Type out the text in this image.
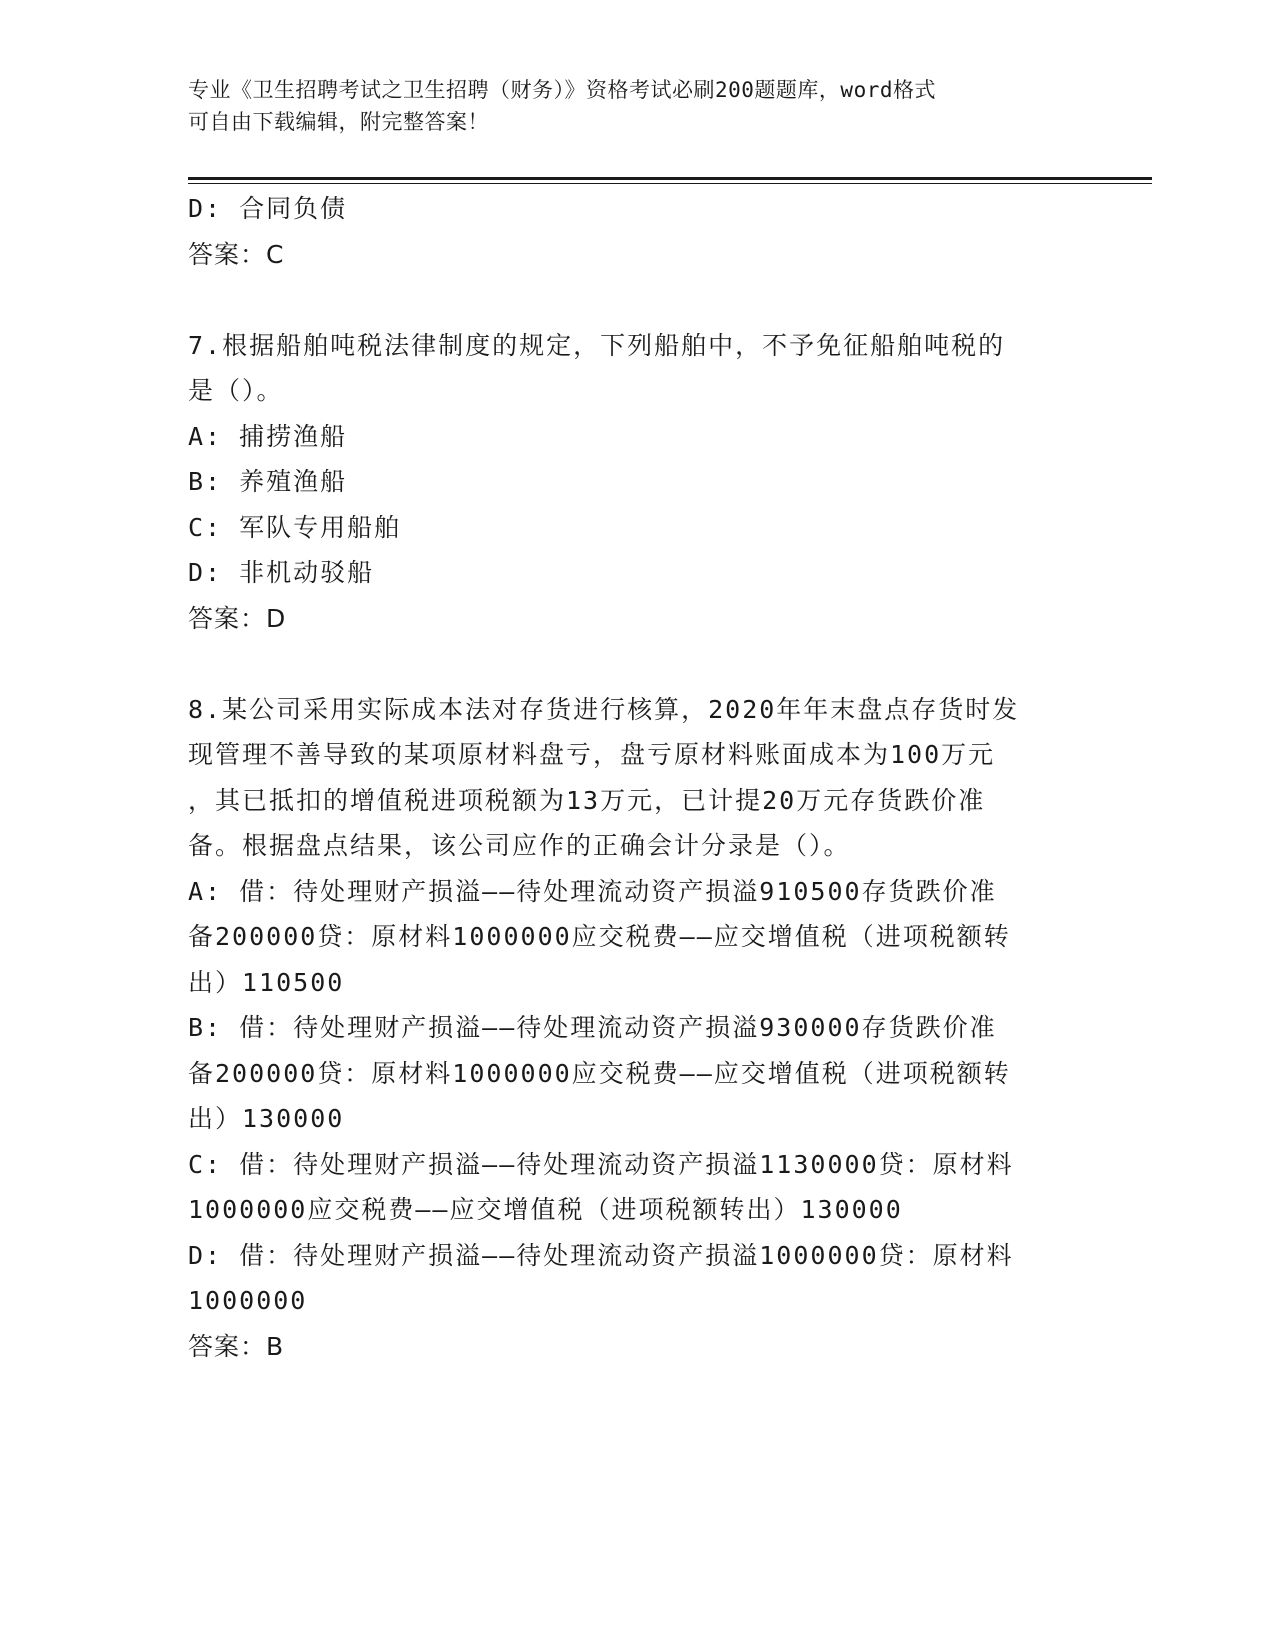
专业《卫生招聘考试之卫生招聘（财务）》资格考试必刷200题题库，word格式
可自由下载编辑，附完整答案！
D: 合同负债
答案：C
7.根据船舶吨税法律制度的规定，下列船舶中，不予免征船舶吨税的
是（）。
A: 捕捞渔船
B: 养殖渔船
C: 军队专用船舶
D: 非机动驳船
答案：D
8.某公司采用实际成本法对存货进行核算，2020年年末盘点存货时发
现管理不善导致的某项原材料盘亏，盘亏原材料账面成本为100万元
，其已抵扣的增值税进项税额为13万元，已计提20万元存货跌价准
备。根据盘点结果，该公司应作的正确会计分录是（）。
A: 借：待处理财产损溢——待处理流动资产损溢910500存货跌价准
备200000贷：原材料1000000应交税费——应交增值税（进项税额转
出）110500
B: 借：待处理财产损溢——待处理流动资产损溢930000存货跌价准
备200000贷：原材料1000000应交税费——应交增值税（进项税额转
出）130000
C: 借：待处理财产损溢——待处理流动资产损溢1130000贷：原材料
1000000应交税费——应交增值税（进项税额转出）130000
D: 借：待处理财产损溢——待处理流动资产损溢1000000贷：原材料
1000000
答案：B
